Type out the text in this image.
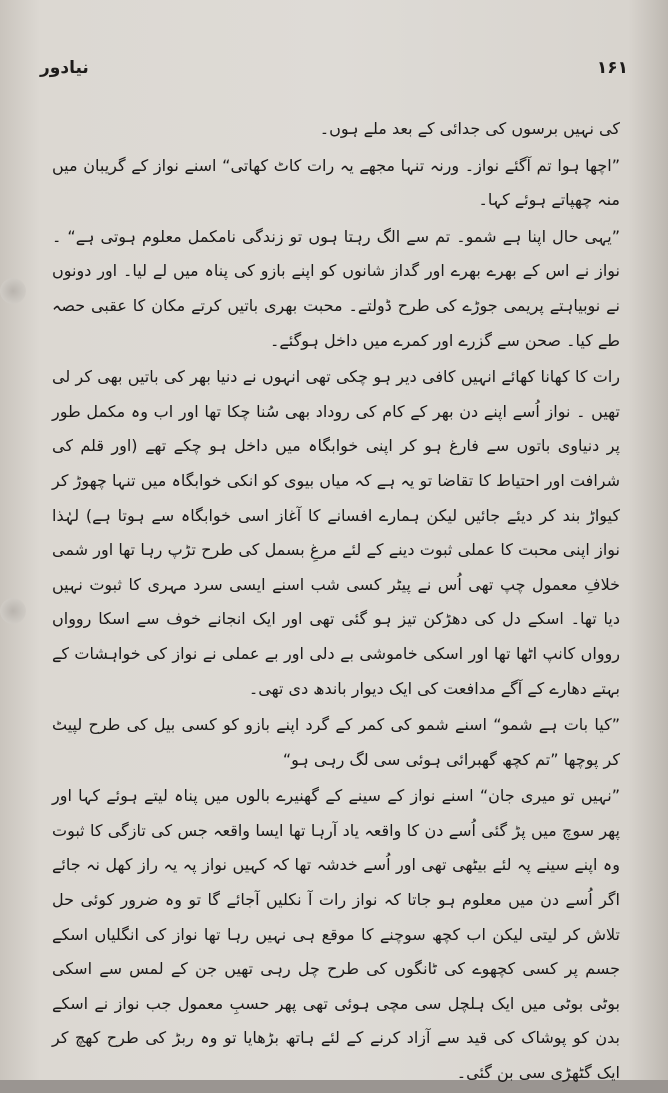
نیادور	۱۶۱

کی نہیں برسوں کی جدائی کے بعد ملے ہوں۔

”اچھا ہوا تم آگئے نواز۔ ورنہ تنہا مجھے یہ رات کاٹ کھاتی“ اسنے نواز کے گریبان میں منہ چھپاتے ہوئے کہا۔

”یہی حال اپنا ہے شمو۔ تم سے الگ رہتا ہوں تو زندگی نامکمل معلوم ہوتی ہے“ ۔ نواز نے اس کے بھرے بھرے اور گداز شانوں کو اپنے بازو کی پناہ میں لے لیا۔ اور دونوں نے نوبیاہتے پریمی جوڑے کی طرح ڈولتے۔ محبت بھری باتیں کرتے مکان کا عقبی حصہ طے کیا۔ صحن سے گزرے اور کمرے میں داخل ہوگئے۔

رات کا کھانا کھائے انہیں کافی دیر ہو چکی تھی انہوں نے دنیا بھر کی باتیں بھی کر لی تھیں ۔ نواز اُسے اپنے دن بھر کے کام کی روداد بھی سُنا چکا تھا اور اب وہ مکمل طور پر دنیاوی باتوں سے فارغ ہو کر اپنی خوابگاہ میں داخل ہو چکے تھے (اور قلم کی شرافت اور احتیاط کا تقاضا تو یہ ہے کہ میاں بیوی کو انکی خوابگاہ میں تنہا چھوڑ کر کیواڑ بند کر دیئے جائیں لیکن ہمارے افسانے کا آغاز اسی خوابگاہ سے ہوتا ہے) لہٰذا نواز اپنی محبت کا عملی ثبوت دینے کے لئے مرغِ بسمل کی طرح تڑپ رہا تھا اور شمی خلافِ معمول چپ تھی اُس نے پیٹر کسی شب اسنے ایسی سرد مہری کا ثبوت نہیں دیا تھا۔ اسکے دل کی دھڑکن تیز ہو گئی تھی اور ایک انجانے خوف سے اسکا روواں روواں کانپ اٹھا تھا اور اسکی خاموشی بے دلی اور بے عملی نے نواز کی خواہشات کے بہتے دھارے کے آگے مدافعت کی ایک دیوار باندھ دی تھی۔

”کیا بات ہے شمو“ اسنے شمو کی کمر کے گرد اپنے بازو کو کسی بیل کی طرح لپیٹ کر پوچھا ”تم کچھ گھبرائی ہوئی سی لگ رہی ہو“

”نہیں تو میری جان“ اسنے نواز کے سینے کے گھنیرے بالوں میں پناہ لیتے ہوئے کہا اور پھر سوچ میں پڑ گئی اُسے دن کا واقعہ یاد آرہا تھا ایسا واقعہ جس کی تازگی کا ثبوت وہ اپنے سینے پہ لئے بیٹھی تھی اور اُسے خدشہ تھا کہ کہیں نواز پہ یہ راز کھل نہ جائے اگر اُسے دن میں معلوم ہو جاتا کہ نواز رات آ نکلیں آجائے گا تو وہ ضرور کوئی حل تلاش کر لیتی لیکن اب کچھ سوچنے کا موقع ہی نہیں رہا تھا نواز کی انگلیاں اسکے جسم پر کسی کچھوے کی ٹانگوں کی طرح چل رہی تھیں جن کے لمس سے اسکی بوٹی بوٹی میں ایک ہلچل سی مچی ہوئی تھی پھر حسبِ معمول جب نواز نے اسکے بدن کو پوشاک کی قید سے آزاد کرنے کے لئے ہاتھ بڑھایا تو وہ ربڑ کی طرح کھچ کر ایک گٹھڑی سی بن گئی۔
